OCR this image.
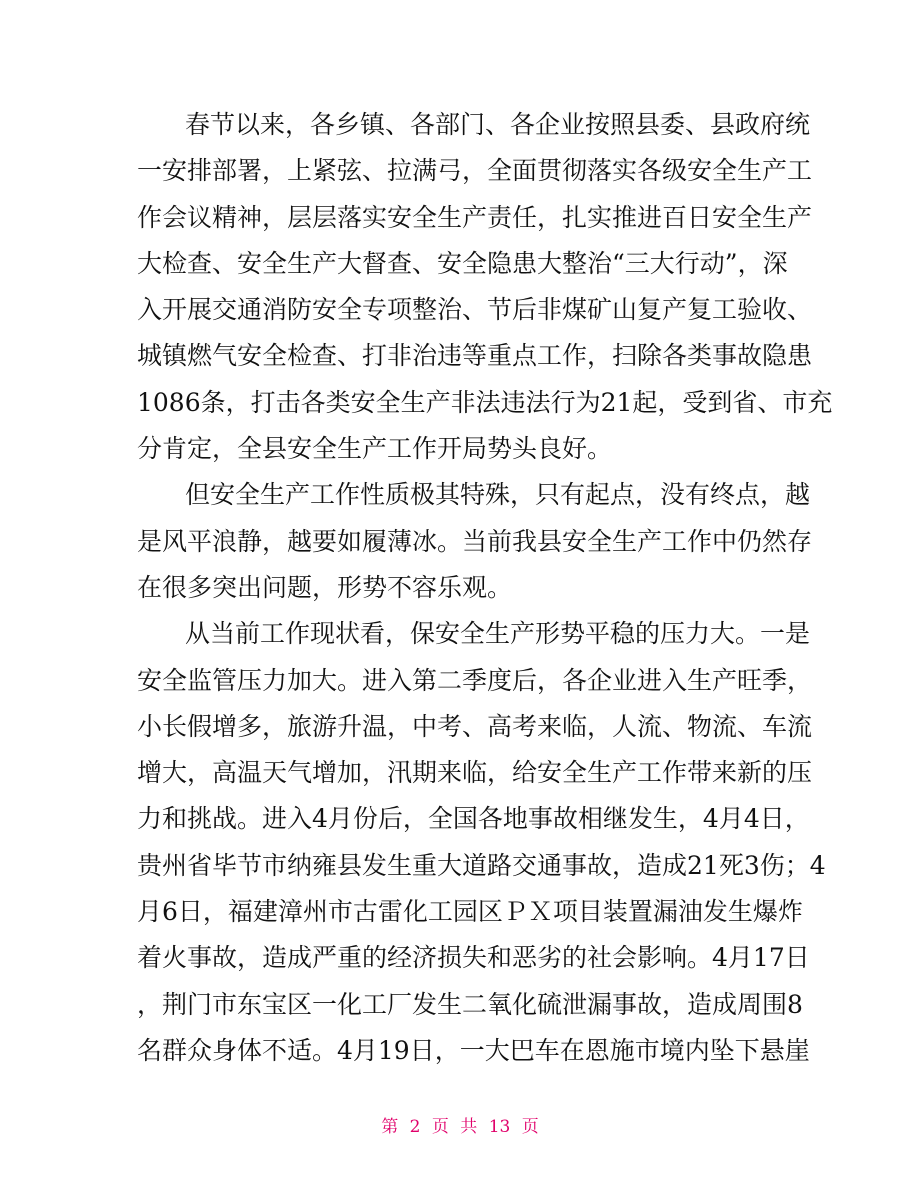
春节以来，各乡镇、各部门、各企业按照县委、县政府统
一安排部署，上紧弦、拉满弓，全面贯彻落实各级安全生产工
作会议精神，层层落实安全生产责任，扎实推进百日安全生产
大检查、安全生产大督查、安全隐患大整治“三大行动”，深
入开展交通消防安全专项整治、节后非煤矿山复产复工验收、
城镇燃气安全检查、打非治违等重点工作，扫除各类事故隐患
1086条，打击各类安全生产非法违法行为21起，受到省、市充
分肯定，全县安全生产工作开局势头良好。
但安全生产工作性质极其特殊，只有起点，没有终点，越
是风平浪静，越要如履薄冰。当前我县安全生产工作中仍然存
在很多突出问题，形势不容乐观。
从当前工作现状看，保安全生产形势平稳的压力大。一是
安全监管压力加大。进入第二季度后，各企业进入生产旺季，
小长假增多，旅游升温，中考、高考来临，人流、物流、车流
增大，高温天气增加，汛期来临，给安全生产工作带来新的压
力和挑战。进入4月份后，全国各地事故相继发生，4月4日，
贵州省毕节市纳雍县发生重大道路交通事故，造成21死3伤；4
月6日，福建漳州市古雷化工园区ＰＸ项目装置漏油发生爆炸
着火事故，造成严重的经济损失和恶劣的社会影响。4月17日
，荆门市东宝区一化工厂发生二氧化硫泄漏事故，造成周围8
名群众身体不适。4月19日，一大巴车在恩施市境内坠下悬崖
第 2 页 共 13 页
